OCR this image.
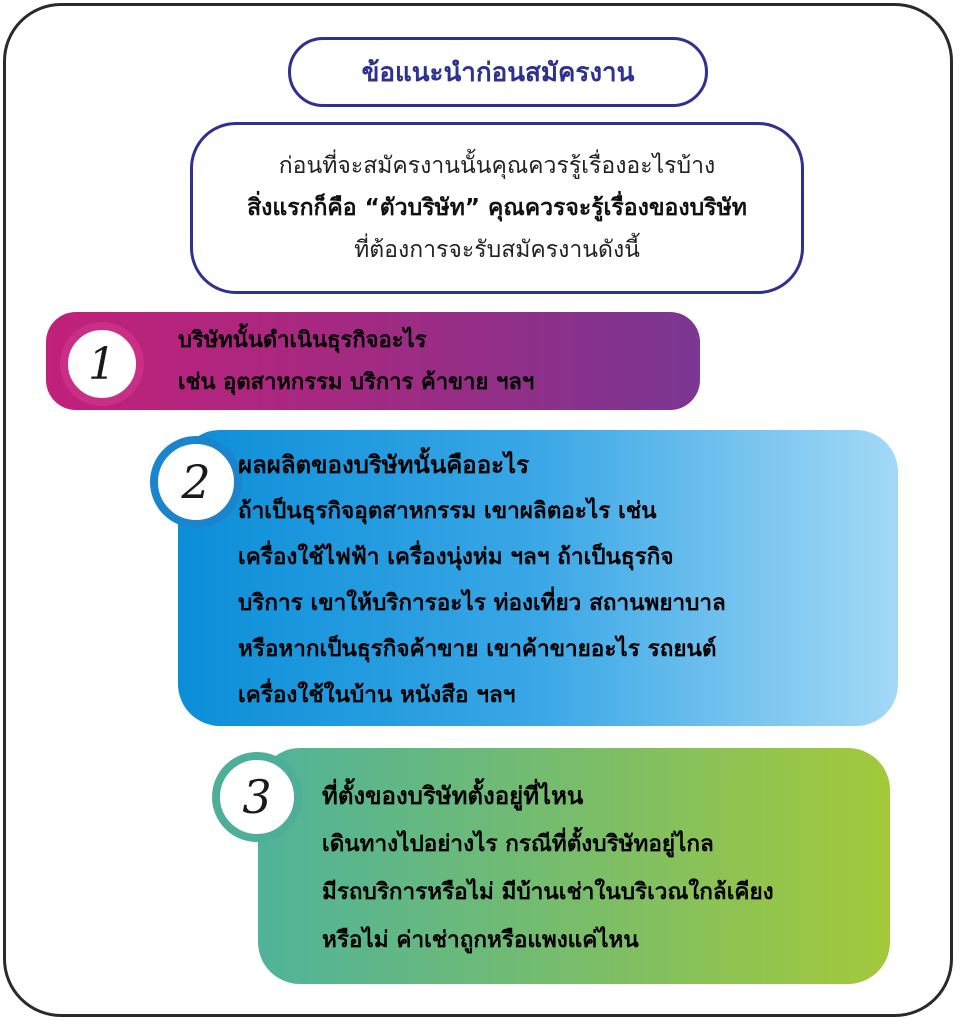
ข้อแนะนำก่อนสมัครงาน
ก่อนที่จะสมัครงานนั้นคุณควรรู้เรื่องอะไรบ้าง
สิ่งแรกก็คือ “ตัวบริษัท” คุณควรจะรู้เรื่องของบริษัท
ที่ต้องการจะรับสมัครงานดังนี้
1	บริษัทนั้นดำเนินธุรกิจอะไร
เช่น อุตสาหกรรม บริการ ค้าขาย ฯลฯ
2	ผลผลิตของบริษัทนั้นคืออะไร
ถ้าเป็นธุรกิจอุตสาหกรรม เขาผลิตอะไร เช่น
เครื่องใช้ไฟฟ้า เครื่องนุ่งห่ม ฯลฯ ถ้าเป็นธุรกิจ
บริการ เขาให้บริการอะไร ท่องเที่ยว สถานพยาบาล
หรือหากเป็นธุรกิจค้าขาย เขาค้าขายอะไร รถยนต์
เครื่องใช้ในบ้าน หนังสือ ฯลฯ
3	ที่ตั้งของบริษัทตั้งอยู่ที่ไหน
เดินทางไปอย่างไร กรณีที่ตั้งบริษัทอยู่ไกล
มีรถบริการหรือไม่ มีบ้านเช่าในบริเวณใกล้เคียง
หรือไม่ ค่าเช่าถูกหรือแพงแค่ไหน
